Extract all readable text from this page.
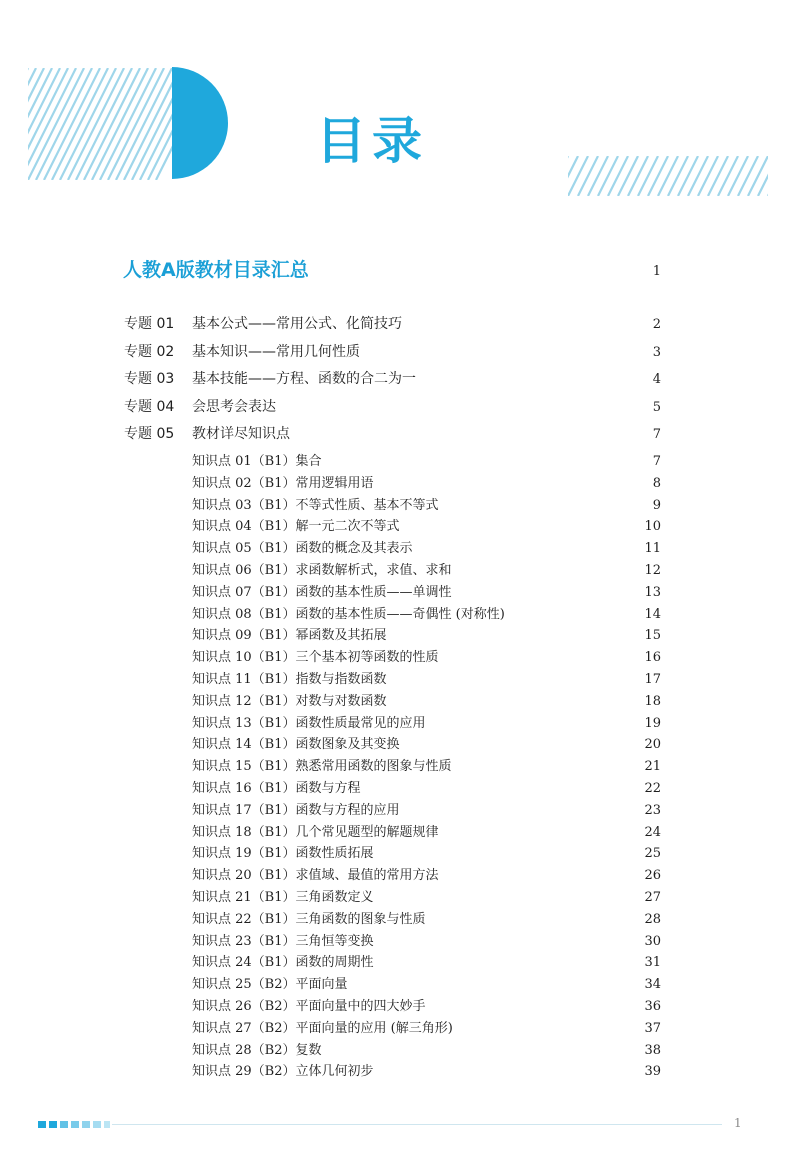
目录
人教A版教材目录汇总	1
专题 01 基本公式——常用公式、化简技巧	2
专题 02 基本知识——常用几何性质	3
专题 03 基本技能——方程、函数的合二为一	4
专题 04 会思考会表达	5
专题 05 教材详尽知识点	7
知识点 01（B1）集合	7
知识点 02（B1）常用逻辑用语	8
知识点 03（B1）不等式性质、基本不等式	9
知识点 04（B1）解一元二次不等式	10
知识点 05（B1）函数的概念及其表示	11
知识点 06（B1）求函数解析式，求值、求和	12
知识点 07（B1）函数的基本性质——单调性	13
知识点 08（B1）函数的基本性质——奇偶性 (对称性)	14
知识点 09（B1）幂函数及其拓展	15
知识点 10（B1）三个基本初等函数的性质	16
知识点 11（B1）指数与指数函数	17
知识点 12（B1）对数与对数函数	18
知识点 13（B1）函数性质最常见的应用	19
知识点 14（B1）函数图象及其变换	20
知识点 15（B1）熟悉常用函数的图象与性质	21
知识点 16（B1）函数与方程	22
知识点 17（B1）函数与方程的应用	23
知识点 18（B1）几个常见题型的解题规律	24
知识点 19（B1）函数性质拓展	25
知识点 20（B1）求值域、最值的常用方法	26
知识点 21（B1）三角函数定义	27
知识点 22（B1）三角函数的图象与性质	28
知识点 23（B1）三角恒等变换	30
知识点 24（B1）函数的周期性	31
知识点 25（B2）平面向量	34
知识点 26（B2）平面向量中的四大妙手	36
知识点 27（B2）平面向量的应用 (解三角形)	37
知识点 28（B2）复数	38
知识点 29（B2）立体几何初步	39
1
